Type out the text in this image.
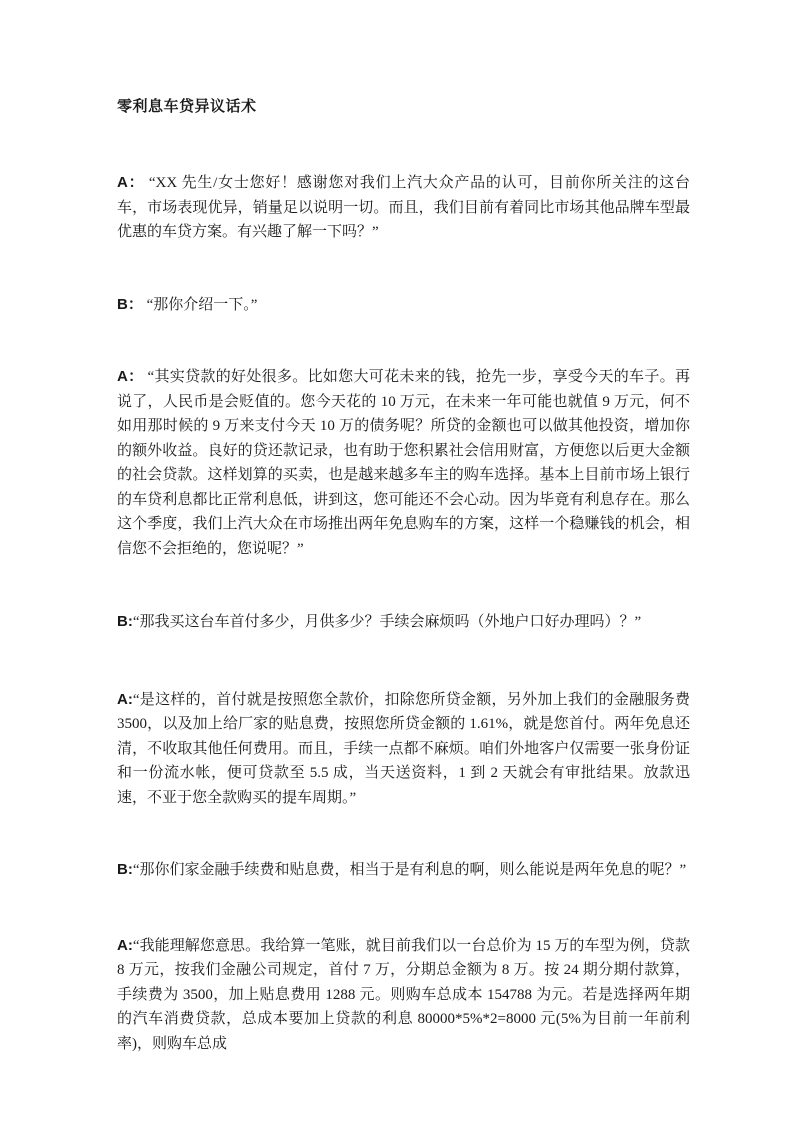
零利息车贷异议话术

A： “XX 先生/女士您好！感谢您对我们上汽大众产品的认可，目前你所关注的这台车，市场表现优异，销量足以说明一切。而且，我们目前有着同比市场其他品牌车型最优惠的车贷方案。有兴趣了解一下吗？”

B： “那你介绍一下。”

A： “其实贷款的好处很多。比如您大可花未来的钱，抢先一步，享受今天的车子。再说了，人民币是会贬值的。您今天花的 10 万元，在未来一年可能也就值 9 万元，何不如用那时候的 9 万来支付今天 10 万的债务呢？所贷的金额也可以做其他投资，增加你的额外收益。良好的贷还款记录，也有助于您积累社会信用财富，方便您以后更大金额的社会贷款。这样划算的买卖，也是越来越多车主的购车选择。基本上目前市场上银行的车贷利息都比正常利息低，讲到这，您可能还不会心动。因为毕竟有利息存在。那么这个季度，我们上汽大众在市场推出两年免息购车的方案，这样一个稳赚钱的机会，相信您不会拒绝的，您说呢？”

B:“那我买这台车首付多少，月供多少？手续会麻烦吗（外地户口好办理吗）？”

A:“是这样的，首付就是按照您全款价，扣除您所贷金额，另外加上我们的金融服务费 3500，以及加上给厂家的贴息费，按照您所贷金额的 1.61%，就是您首付。两年免息还清，不收取其他任何费用。而且，手续一点都不麻烦。咱们外地客户仅需要一张身份证和一份流水帐，便可贷款至 5.5 成，当天送资料，1 到 2 天就会有审批结果。放款迅速，不亚于您全款购买的提车周期。”

B:“那你们家金融手续费和贴息费，相当于是有利息的啊，则么能说是两年免息的呢？”

A:“我能理解您意思。我给算一笔账，就目前我们以一台总价为 15 万的车型为例，贷款 8 万元，按我们金融公司规定，首付 7 万，分期总金额为 8 万。按 24 期分期付款算，手续费为 3500，加上贴息费用 1288 元。则购车总成本 154788 为元。若是选择两年期的汽车消费贷款，总成本要加上贷款的利息 80000*5%*2=8000 元(5%为目前一年前利率)，则购车总成
